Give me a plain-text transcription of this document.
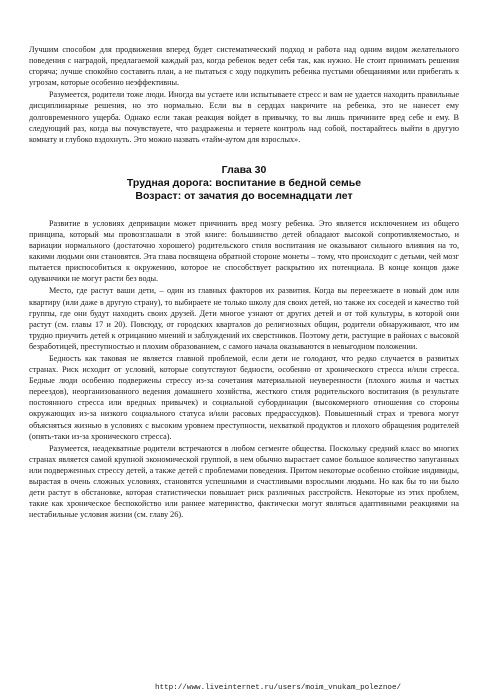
Лучшим способом для продвижения вперед будет систематический подход и работа над одним видом желательного поведения с наградой, предлагаемой каждый раз, когда ребенок ведет себя так, как нужно. Не стоит принимать решения сгоряча; лучше спокойно составить план, а не пытаться с ходу подкупить ребенка пустыми обещаниями или прибегать к угрозам, которые особенно неэффективны.

Разумеется, родители тоже люди. Иногда вы устаете или испытываете стресс и вам не удается находить правильные дисциплинарные решения, но это нормально. Если вы в сердцах накричите на ребенка, это не нанесет ему долговременного ущерба. Однако если такая реакция войдет в привычку, то вы лишь причините вред себе и ему. В следующий раз, когда вы почувствуете, что раздражены и теряете контроль над собой, постарайтесь выйти в другую комнату и глубоко вздохнуть. Это можно назвать «тайм-аутом для взрослых».

Глава 30
Трудная дорога: воспитание в бедной семье
Возраст: от зачатия до восемнадцати лет

Развитие в условиях депривации может причинить вред мозгу ребенка. Это является исключением из общего принципа, который мы провозглашали в этой книге: большинство детей обладают высокой сопротивляемостью, и вариации нормального (достаточно хорошего) родительского стиля воспитания не оказывают сильного влияния на то, какими людьми они становятся. Эта глава посвящена обратной стороне монеты – тому, что происходит с детьми, чей мозг пытается приспособиться к окружению, которое не способствует раскрытию их потенциала. В конце концов даже одуванчики не могут расти без воды.

Место, где растут ваши дети, – один из главных факторов их развития. Когда вы переезжаете в новый дом или квартиру (или даже в другую страну), то выбираете не только школу для своих детей, но также их соседей и качество той группы, где они будут находить своих друзей. Дети многое узнают от других детей и от той культуры, в которой они растут (см. главы 17 и 20). Повсюду, от городских кварталов до религиозных общин, родители обнаруживают, что им трудно приучить детей к отрицанию мнений и заблуждений их сверстников. Поэтому дети, растущие в районах с высокой безработицей, преступностью и плохим образованием, с самого начала оказываются в невыгодном положении.

Бедность как таковая не является главной проблемой, если дети не голодают, что редко случается в развитых странах. Риск исходит от условий, которые сопутствуют бедности, особенно от хронического стресса и/или стресса. Бедные люди особенно подвержены стрессу из-за сочетания материальной неуверенности (плохого жилья и частых переездов), неорганизованного ведения домашнего хозяйства, жесткого стиля родительского воспитания (в результате постоянного стресса или вредных привычек) и социальной субординации (высокомерного отношения со стороны окружающих из-за низкого социального статуса и/или расовых предрассудков). Повышенный страх и тревога могут объясняться жизнью в условиях с высоким уровнем преступности, нехваткой продуктов и плохого обращения родителей (опять-таки из-за хронического стресса).

Разумеется, неадекватные родители встречаются в любом сегменте общества. Поскольку средний класс во многих странах является самой крупной экономической группой, в нем обычно вырастает самое большое количество запуганных или подверженных стрессу детей, а также детей с проблемами поведения. Притом некоторые особенно стойкие индивиды, вырастая в очень сложных условиях, становятся успешными и счастливыми взрослыми людьми. Но как бы то ни было дети растут в обстановке, которая статистически повышает риск различных расстройств. Некоторые из этих проблем, такие как хроническое беспокойство или раннее материнство, фактически могут являться адаптивными реакциями на нестабильные условия жизни (см. главу 26).

http://www.liveinternet.ru/users/moim_vnukam_poleznoe/
